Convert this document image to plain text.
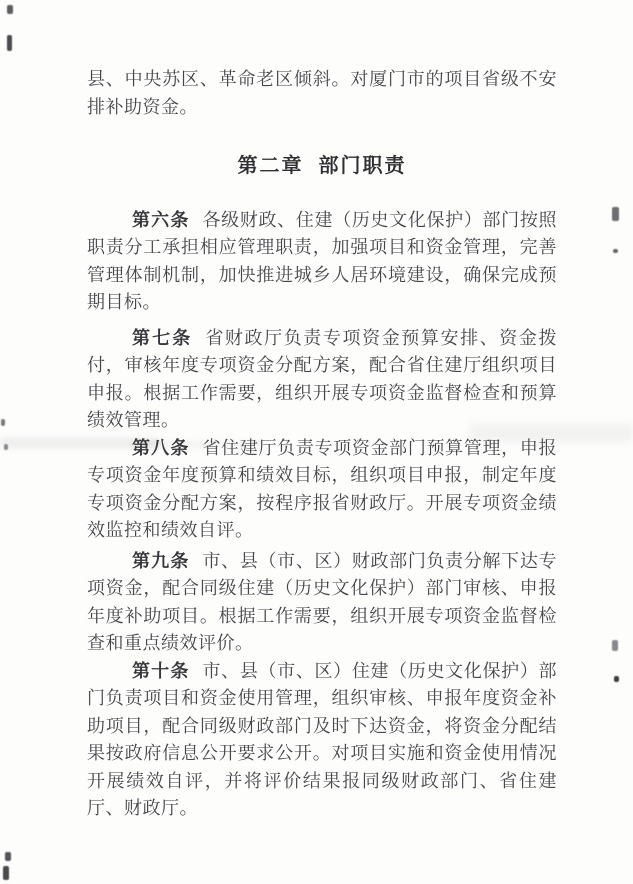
县、中央苏区、革命老区倾斜。对厦门市的项目省级不安排补助资金。

第二章 部门职责

第六条 各级财政、住建（历史文化保护）部门按照职责分工承担相应管理职责，加强项目和资金管理，完善管理体制机制，加快推进城乡人居环境建设，确保完成预期目标。

第七条 省财政厅负责专项资金预算安排、资金拨付，审核年度专项资金分配方案，配合省住建厅组织项目申报。根据工作需要，组织开展专项资金监督检查和预算绩效管理。

第八条 省住建厅负责专项资金部门预算管理，申报专项资金年度预算和绩效目标，组织项目申报，制定年度专项资金分配方案，按程序报省财政厅。开展专项资金绩效监控和绩效自评。

第九条 市、县（市、区）财政部门负责分解下达专项资金，配合同级住建（历史文化保护）部门审核、申报年度补助项目。根据工作需要，组织开展专项资金监督检查和重点绩效评价。

第十条 市、县（市、区）住建（历史文化保护）部门负责项目和资金使用管理，组织审核、申报年度资金补助项目，配合同级财政部门及时下达资金，将资金分配结果按政府信息公开要求公开。对项目实施和资金使用情况开展绩效自评，并将评价结果报同级财政部门、省住建厅、财政厅。
